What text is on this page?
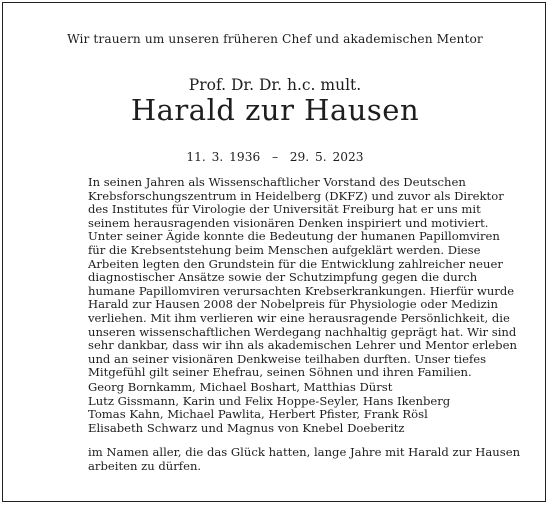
Wir trauern um unseren früheren Chef und akademischen Mentor
Prof. Dr. Dr. h.c. mult.
Harald zur Hausen
11. 3. 1936  –  29. 5. 2023
In seinen Jahren als Wissenschaftlicher Vorstand des Deutschen
Krebsforschungszentrum in Heidelberg (DKFZ) und zuvor als Direktor
des Institutes für Virologie der Universität Freiburg hat er uns mit
seinem herausragenden visionären Denken inspiriert und motiviert.
Unter seiner Ägide konnte die Bedeutung der humanen Papillomviren
für die Krebsentstehung beim Menschen aufgeklärt werden. Diese
Arbeiten legten den Grundstein für die Entwicklung zahlreicher neuer
diagnostischer Ansätze sowie der Schutzimpfung gegen die durch
humane Papillomviren verursachten Krebserkrankungen. Hierfür wurde
Harald zur Hausen 2008 der Nobelpreis für Physiologie oder Medizin
verliehen. Mit ihm verlieren wir eine herausragende Persönlichkeit, die
unseren wissenschaftlichen Werdegang nachhaltig geprägt hat. Wir sind
sehr dankbar, dass wir ihn als akademischen Lehrer und Mentor erleben
und an seiner visionären Denkweise teilhaben durften. Unser tiefes
Mitgefühl gilt seiner Ehefrau, seinen Söhnen und ihren Familien.
Georg Bornkamm, Michael Boshart, Matthias Dürst
Lutz Gissmann, Karin und Felix Hoppe-Seyler, Hans Ikenberg
Tomas Kahn, Michael Pawlita, Herbert Pfister, Frank Rösl
Elisabeth Schwarz und Magnus von Knebel Doeberitz
im Namen aller, die das Glück hatten, lange Jahre mit Harald zur Hausen
arbeiten zu dürfen.
